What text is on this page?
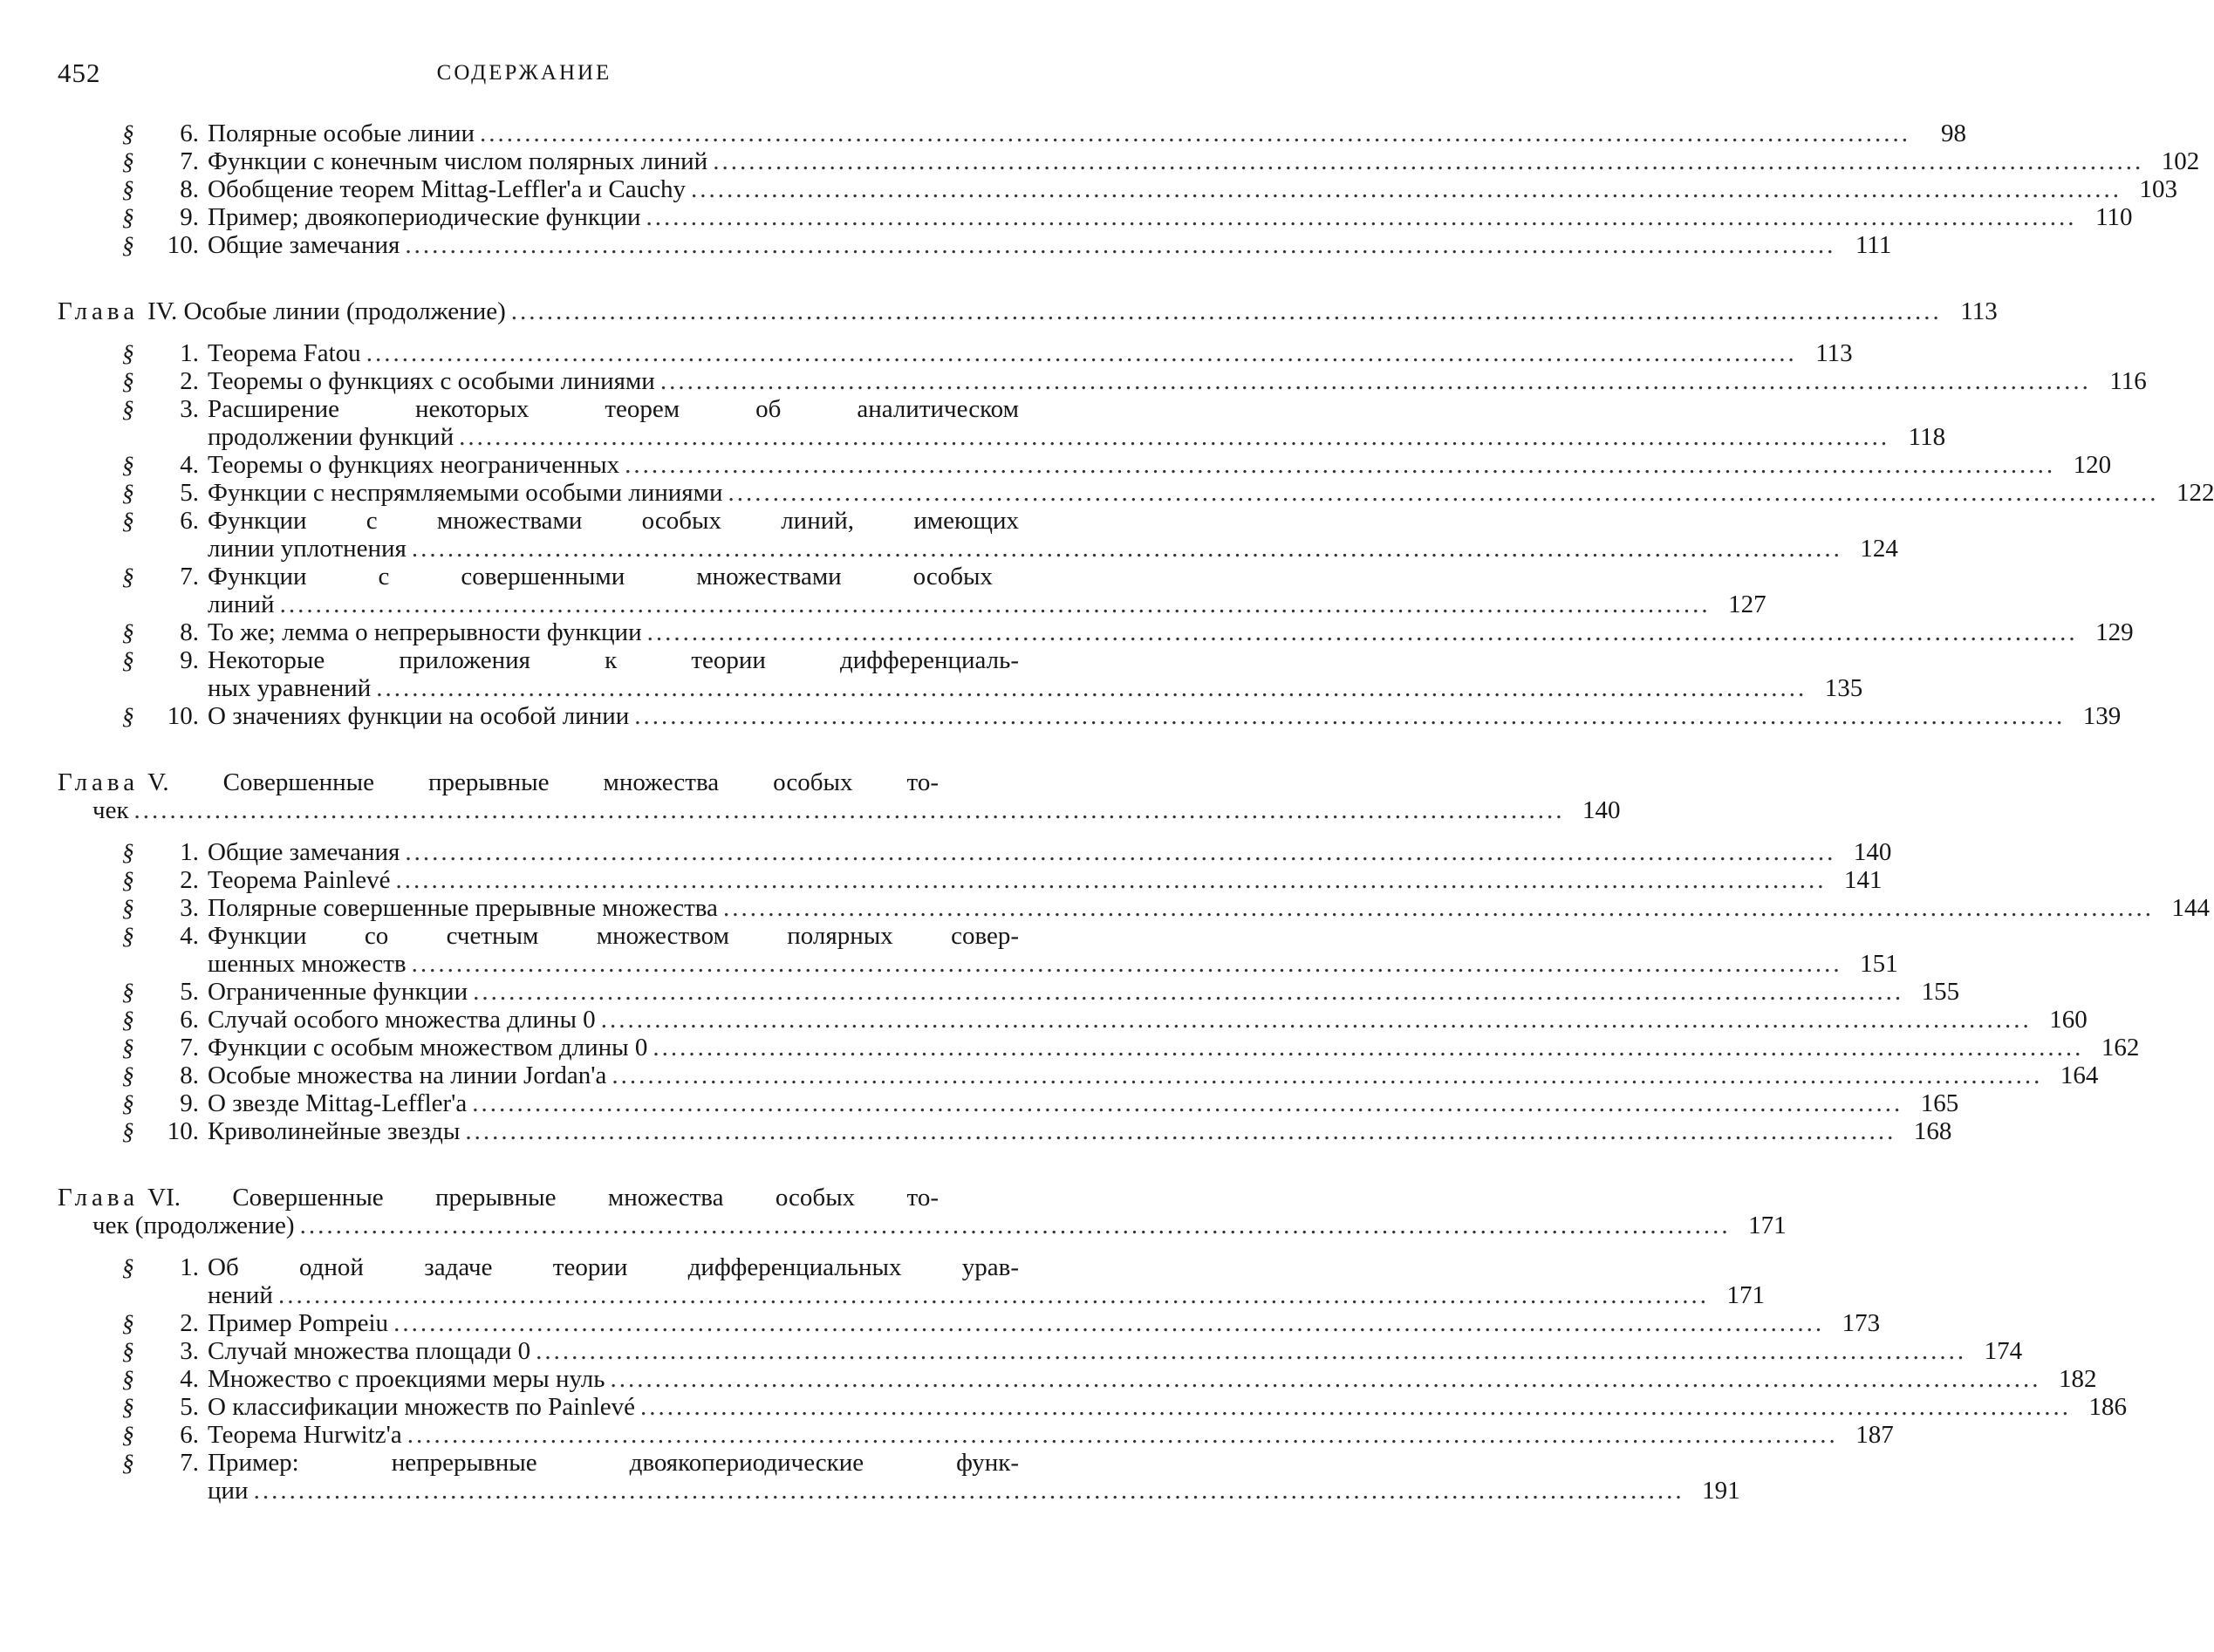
452	СОДЕРЖАНИЕ
§	6. Полярные особые линии ................................................................................................................................................................	98
§	7. Функции с конечным числом полярных линий ................................................................................................................................................................ 102
§	8. Обобщение теорем Mittag-Leffler'a и Cauchy ................................................................................................................................................................ 103
§	9. Пример; двоякопериодические функции ................................................................................................................................................................ 110
§	10. Общие замечания ................................................................................................................................................................ 111
Глава IV. Особые линии (продолжение) ................................................................................................................................................................ 113
§	1. Теорема Fatou ................................................................................................................................................................ 113
§	2. Теоремы о функциях с особыми линиями ................................................................................................................................................................ 116
§	3. Расширение некоторых теорем об аналитическом
продолжении функций ................................................................................................................................................................ 118
§	4. Теоремы о функциях неограниченных ................................................................................................................................................................ 120
§	5. Функции с неспрямляемыми особыми линиями ................................................................................................................................................................ 122
§	6. Функции с множествами особых линий, имеющих
линии уплотнения ................................................................................................................................................................ 124
§	7. Функции с совершенными множествами особых
линий ................................................................................................................................................................ 127
§	8. То же; лемма о непрерывности функции ................................................................................................................................................................ 129
§	9. Некоторые приложения к теории дифференциаль-
ных уравнений ................................................................................................................................................................ 135
§	10. О значениях функции на особой линии ................................................................................................................................................................ 139
Глава V. Совершенные прерывные множества особых то-
чек ................................................................................................................................................................ 140
§	1. Общие замечания ................................................................................................................................................................ 140
§	2. Теорема Painlevé ................................................................................................................................................................ 141
§	3. Полярные совершенные прерывные множества ................................................................................................................................................................ 144
§	4. Функции со счетным множеством полярных совер-
шенных множеств ................................................................................................................................................................ 151
§	5. Ограниченные функции ................................................................................................................................................................ 155
§	6. Случай особого множества длины 0 ................................................................................................................................................................ 160
§	7. Функции с особым множеством длины 0 ................................................................................................................................................................ 162
§	8. Особые множества на линии Jordan'a ................................................................................................................................................................ 164
§	9. О звезде Mittag-Leffler'a ................................................................................................................................................................ 165
§	10. Криволинейные звезды ................................................................................................................................................................ 168
Глава VI. Совершенные прерывные множества особых то-
чек (продолжение) ................................................................................................................................................................ 171
§	1. Об одной задаче теории дифференциальных урав-
нений ................................................................................................................................................................ 171
§	2. Пример Pompeiu ................................................................................................................................................................ 173
§	3. Случай множества площади 0 ................................................................................................................................................................ 174
§	4. Множество с проекциями меры нуль ................................................................................................................................................................ 182
§	5. О классификации множеств по Painlevé ................................................................................................................................................................ 186
§	6. Теорема Hurwitz'a ................................................................................................................................................................ 187
§	7. Пример: непрерывные двоякопериодические функ-
ции ................................................................................................................................................................ 191
